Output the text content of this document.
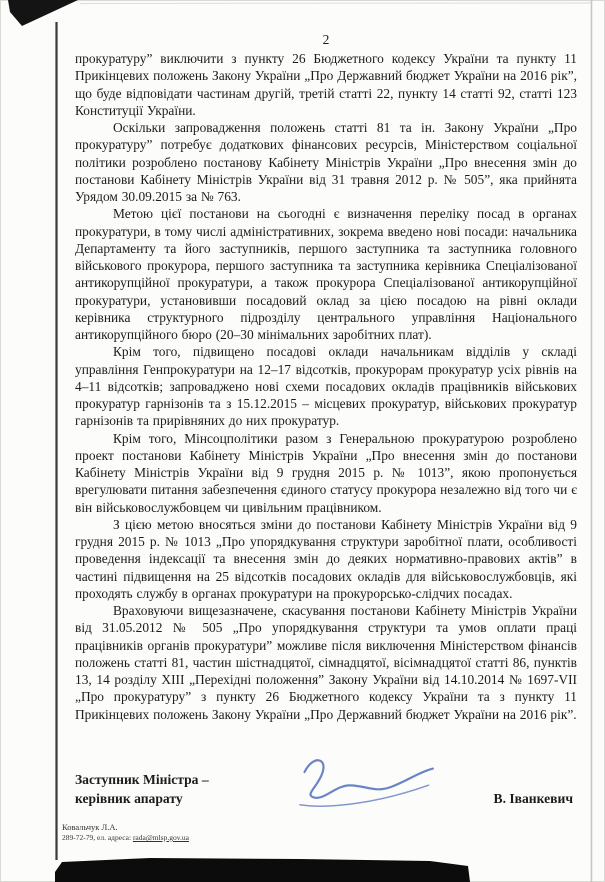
2

прокуратуру” виключити з пункту 26 Бюджетного кодексу України та пункту 11 Прикінцевих положень Закону України „Про Державний бюджет України на 2016 рік”, що буде відповідати частинам другій, третій статті 22, пункту 14 статті 92, статті 123 Конституції України.

Оскільки запровадження положень статті 81 та ін. Закону України „Про прокуратуру” потребує додаткових фінансових ресурсів, Міністерством соціальної політики розроблено постанову Кабінету Міністрів України „Про внесення змін до постанови Кабінету Міністрів України від 31 травня 2012 р. № 505”, яка прийнята Урядом 30.09.2015 за № 763.

Метою цієї постанови на сьогодні є визначення переліку посад в органах прокуратури, в тому числі адміністративних, зокрема введено нові посади: начальника Департаменту та його заступників, першого заступника та заступника головного військового прокурора, першого заступника та заступника керівника Спеціалізованої антикорупційної прокуратури, а також прокурора Спеціалізованої антикорупційної прокуратури, установивши посадовий оклад за цією посадою на рівні оклади керівника структурного підрозділу центрального управління Національного антикорупційного бюро (20–30 мінімальних заробітних плат).

Крім того, підвищено посадові оклади начальникам відділів у складі управління Генпрокуратури на 12–17 відсотків, прокурорам прокуратур усіх рівнів на 4–11 відсотків; запроваджено нові схеми посадових окладів працівників військових прокуратур гарнізонів та з 15.12.2015 – місцевих прокуратур, військових прокуратур гарнізонів та прирівняних до них прокуратур.

Крім того, Мінсоцполітики разом з Генеральною прокуратурою розроблено проект постанови Кабінету Міністрів України „Про внесення змін до постанови Кабінету Міністрів України від 9 грудня 2015 р. № 1013”, якою пропонується врегулювати питання забезпечення єдиного статусу прокурора незалежно від того чи є він військовослужбовцем чи цивільним працівником.

З цією метою вносяться зміни до постанови Кабінету Міністрів України від 9 грудня 2015 р. № 1013 „Про упорядкування структури заробітної плати, особливості проведення індексації та внесення змін до деяких нормативно-правових актів” в частині підвищення на 25 відсотків посадових окладів для військовослужбовців, які проходять службу в органах прокуратури на прокурорсько-слідчих посадах.

Враховуючи вищезазначене, скасування постанови Кабінету Міністрів України від 31.05.2012 № 505 „Про упорядкування структури та умов оплати праці працівників органів прокуратури” можливе після виключення Міністерством фінансів положень статті 81, частин шістнадцятої, сімнадцятої, вісімнадцятої статті 86, пунктів 13, 14 розділу XIII „Перехідні положення” Закону України від 14.10.2014 № 1697-VII „Про прокуратуру” з пункту 26 Бюджетного кодексу України та з пункту 11 Прикінцевих положень Закону України „Про Державний бюджет України на 2016 рік”.

Заступник Міністра –
керівник апарату	В. Іванкевич
Ковальчук Л.А.
289-72-79, ел. адреса: rada@mlsp.gov.ua
